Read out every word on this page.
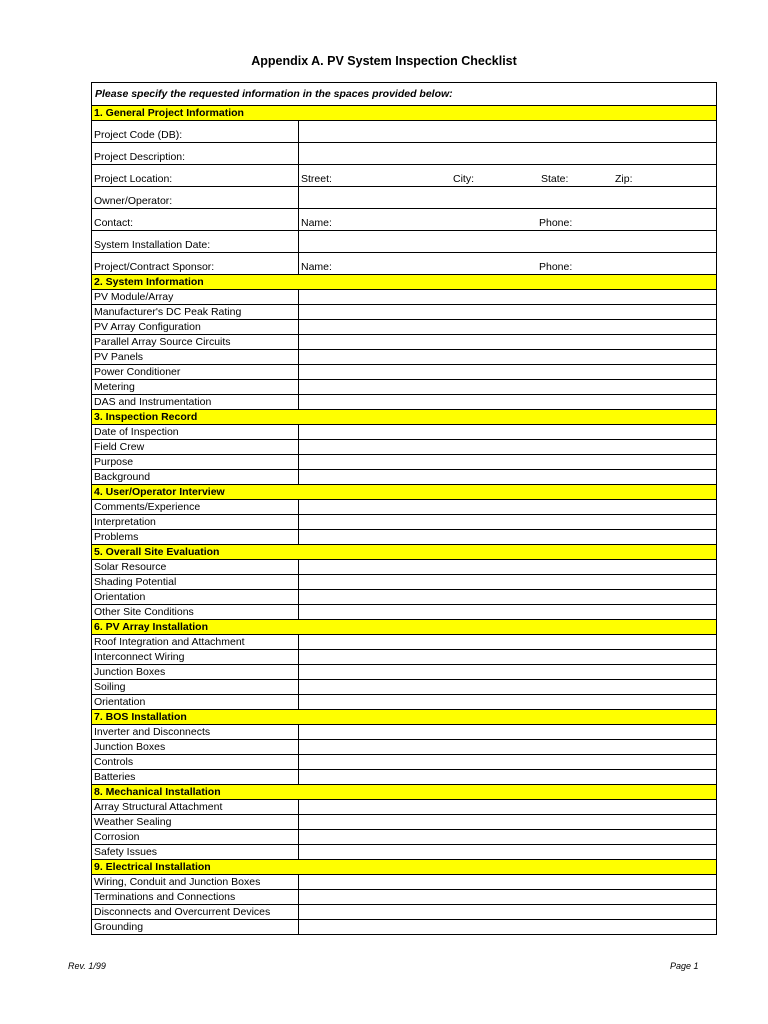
Appendix A. PV System Inspection Checklist
Please specify the requested information in the spaces provided below:
1. General Project Information
Project Code (DB):
Project Description:
Project Location:	Street:	City:	State:	Zip:
Owner/Operator:
Contact:	Name:	Phone:
System Installation Date:
Project/Contract Sponsor:	Name:	Phone:
2. System Information
PV Module/Array
Manufacturer's DC Peak Rating
PV Array Configuration
Parallel Array Source Circuits
PV Panels
Power Conditioner
Metering
DAS and Instrumentation
3. Inspection Record
Date of Inspection
Field Crew
Purpose
Background
4. User/Operator Interview
Comments/Experience
Interpretation
Problems
5. Overall Site Evaluation
Solar Resource
Shading Potential
Orientation
Other Site Conditions
6. PV Array Installation
Roof Integration and Attachment
Interconnect Wiring
Junction Boxes
Soiling
Orientation
7. BOS Installation
Inverter and Disconnects
Junction Boxes
Controls
Batteries
8. Mechanical Installation
Array Structural Attachment
Weather Sealing
Corrosion
Safety Issues
9. Electrical Installation
Wiring, Conduit and Junction Boxes
Terminations and Connections
Disconnects and Overcurrent Devices
Grounding
Rev. 1/99	Page 1
